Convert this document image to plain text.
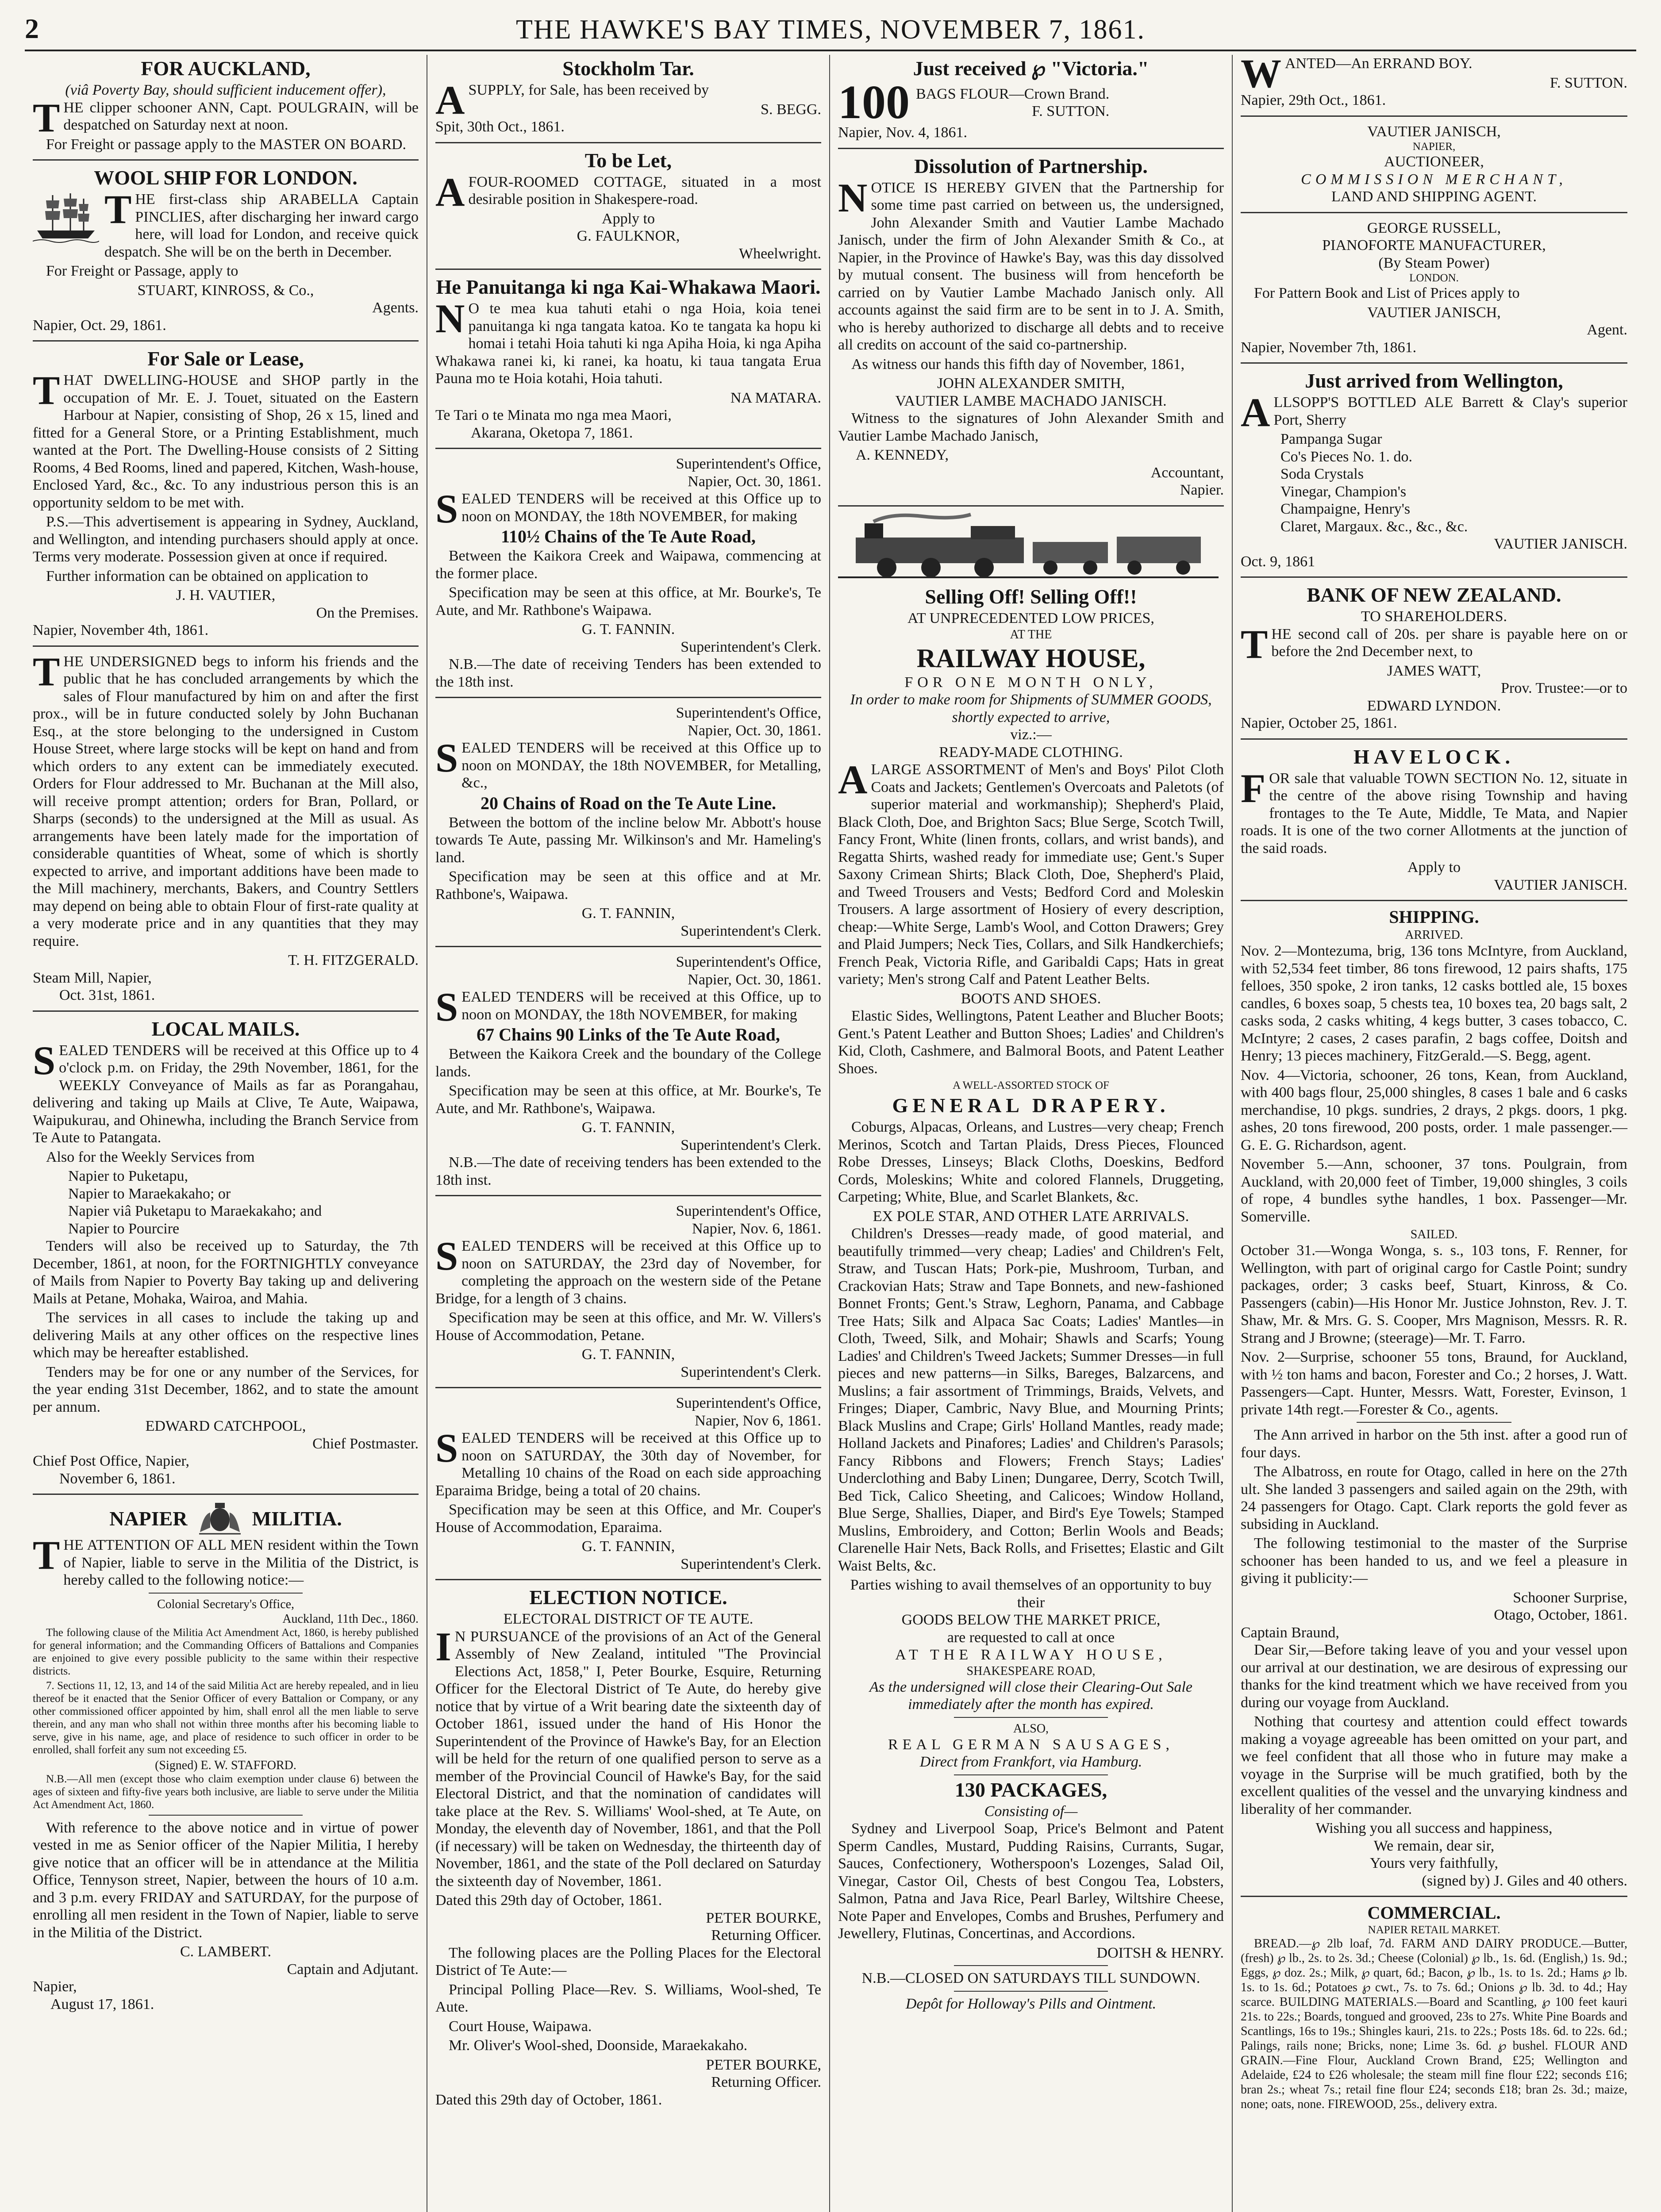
2	THE HAWKE'S BAY TIMES, NOVEMBER 7, 1861.
FOR AUCKLAND,
(viâ Poverty Bay, should sufficient inducement offer),

THE clipper schooner ANN, Capt. POULGRAIN, will be despatched on Saturday next at noon.

For Freight or passage apply to the MASTER ON BOARD.

WOOL SHIP FOR LONDON.

THE first-class ship ARABELLA Captain PINCLIES, after discharging her inward cargo here, will load for London, and receive quick despatch. She will be on the berth in December.

For Freight or Passage, apply to

STUART, KINROSS, & Co.,
Agents.
Napier, Oct. 29, 1861.
For Sale or Lease,

THAT DWELLING-HOUSE and SHOP partly in the occupation of Mr. E. J. Touet, situated on the Eastern Harbour at Napier, consisting of Shop, 26 x 15, lined and fitted for a General Store, or a Printing Establishment, much wanted at the Port. The Dwelling-House consists of 2 Sitting Rooms, 4 Bed Rooms, lined and papered, Kitchen, Wash-house, Enclosed Yard, &c., &c. To any industrious person this is an opportunity seldom to be met with.

P.S.—This advertisement is appearing in Sydney, Auckland, and Wellington, and intending purchasers should apply at once. Terms very moderate. Possession given at once if required.

Further information can be obtained on application to

J. H. VAUTIER,
On the Premises.
Napier, November 4th, 1861.

THE UNDERSIGNED begs to inform his friends and the public that he has concluded arrangements by which the sales of Flour manufactured by him on and after the first prox., will be in future conducted solely by John Buchanan Esq., at the store belonging to the undersigned in Custom House Street, where large stocks will be kept on hand and from which orders to any extent can be immediately executed. Orders for Flour addressed to Mr. Buchanan at the Mill also, will receive prompt attention; orders for Bran, Pollard, or Sharps (seconds) to the undersigned at the Mill as usual. As arrangements have been lately made for the importation of considerable quantities of Wheat, some of which is shortly expected to arrive, and important additions have been made to the Mill machinery, merchants, Bakers, and Country Settlers may depend on being able to obtain Flour of first-rate quality at a very moderate price and in any quantities that they may require.

T. H. FITZGERALD.
Steam Mill, Napier,
Oct. 31st, 1861.
LOCAL MAILS.

SEALED TENDERS will be received at this Office up to 4 o'clock p.m. on Friday, the 29th November, 1861, for the WEEKLY Conveyance of Mails as far as Porangahau, delivering and taking up Mails at Clive, Te Aute, Waipawa, Waipukurau, and Ohinewha, including the Branch Service from Te Aute to Patangata.

Also for the Weekly Services from

Napier to Puketapu,
Napier to Maraekakaho; or
Napier viâ Puketapu to Maraekakaho; and
Napier to Pourcire

Tenders will also be received up to Saturday, the 7th December, 1861, at noon, for the FORTNIGHTLY conveyance of Mails from Napier to Poverty Bay taking up and delivering Mails at Petane, Mohaka, Wairoa, and Mahia.

The services in all cases to include the taking up and delivering Mails at any other offices on the respective lines which may be hereafter established.

Tenders may be for one or any number of the Services, for the year ending 31st December, 1862, and to state the amount per annum.

EDWARD CATCHPOOL,
Chief Postmaster.
Chief Post Office, Napier,
November 6, 1861.
NAPIER	MILITIA.

THE ATTENTION OF ALL MEN resident within the Town of Napier, liable to serve in the Militia of the District, is hereby called to the following notice:—

Colonial Secretary's Office,
Auckland, 11th Dec., 1860.

The following clause of the Militia Act Amendment Act, 1860, is hereby published for general information; and the Commanding Officers of Battalions and Companies are enjoined to give every possible publicity to the same within their respective districts.

7. Sections 11, 12, 13, and 14 of the said Militia Act are hereby repealed, and in lieu thereof be it enacted that the Senior Officer of every Battalion or Company, or any other commissioned officer appointed by him, shall enrol all the men liable to serve therein, and any man who shall not within three months after his becoming liable to serve, give in his name, age, and place of residence to such officer in order to be enrolled, shall forfeit any sum not exceeding £5.

(Signed) E. W. STAFFORD.

N.B.—All men (except those who claim exemption under clause 6) between the ages of sixteen and fifty-five years both inclusive, are liable to serve under the Militia Act Amendment Act, 1860.

With reference to the above notice and in virtue of power vested in me as Senior officer of the Napier Militia, I hereby give notice that an officer will be in attendance at the Militia Office, Tennyson street, Napier, between the hours of 10 a.m. and 3 p.m. every FRIDAY and SATURDAY, for the purpose of enrolling all men resident in the Town of Napier, liable to serve in the Militia of the District.

C. LAMBERT.
Captain and Adjutant.
Napier,
August 17, 1861.
Stockholm Tar.

ASUPPLY, for Sale, has been received by

S. BEGG.
Spit, 30th Oct., 1861.
To be Let,

AFOUR-ROOMED COTTAGE, situated in a most desirable position in Shakespere-road.

Apply to
G. FAULKNOR,
Wheelwright.
He Panuitanga ki nga Kai-Whakawa Maori.

N O te mea kua tahuti etahi o nga Hoia, koia tenei panuitanga ki nga tangata katoa. Ko te tangata ka hopu ki homai i tetahi Hoia tahuti ki nga Apiha Hoia, ki nga Apiha Whakawa ranei ki, ki ranei, ka hoatu, ki taua tangata Erua Pauna mo te Hoia kotahi, Hoia tahuti.

NA MATARA.
Te Tari o te Minata mo nga mea Maori,
Akarana, Oketopa 7, 1861.
Superintendent's Office,
Napier, Oct. 30, 1861.

SEALED TENDERS will be received at this Office up to noon on MONDAY, the 18th NOVEMBER, for making

110½ Chains of the Te Aute Road,

Between the Kaikora Creek and Waipawa, commencing at the former place.

Specification may be seen at this office, at Mr. Bourke's, Te Aute, and Mr. Rathbone's Waipawa.

G. T. FANNIN.
Superintendent's Clerk.

N.B.—The date of receiving Tenders has been extended to the 18th inst.

Superintendent's Office,
Napier, Oct. 30, 1861.

SEALED TENDERS will be received at this Office up to noon on MONDAY, the 18th NOVEMBER, for Metalling, &c.,

20 Chains of Road on the Te Aute Line.

Between the bottom of the incline below Mr. Abbott's house towards Te Aute, passing Mr. Wilkinson's and Mr. Hameling's land.

Specification may be seen at this office and at Mr. Rathbone's, Waipawa.

G. T. FANNIN,
Superintendent's Clerk.
Superintendent's Office,
Napier, Oct. 30, 1861.

SEALED TENDERS will be received at this Office, up to noon on MONDAY, the 18th NOVEMBER, for making

67 Chains 90 Links of the Te Aute Road,

Between the Kaikora Creek and the boundary of the College lands.

Specification may be seen at this office, at Mr. Bourke's, Te Aute, and Mr. Rathbone's, Waipawa.

G. T. FANNIN,
Superintendent's Clerk.

N.B.—The date of receiving tenders has been extended to the 18th inst.

Superintendent's Office,
Napier, Nov. 6, 1861.

SEALED TENDERS will be received at this Office up to noon on SATURDAY, the 23rd day of November, for completing the approach on the western side of the Petane Bridge, for a length of 3 chains.

Specification may be seen at this office, and Mr. W. Villers's House of Accommodation, Petane.

G. T. FANNIN,
Superintendent's Clerk.
Superintendent's Office,
Napier, Nov 6, 1861.

SEALED TENDERS will be received at this Office up to noon on SATURDAY, the 30th day of November, for Metalling 10 chains of the Road on each side approaching Eparaima Bridge, being a total of 20 chains.

Specification may be seen at this Office, and Mr. Couper's House of Accommodation, Eparaima.

G. T. FANNIN,
Superintendent's Clerk.
ELECTION NOTICE.
ELECTORAL DISTRICT OF TE AUTE.

I N PURSUANCE of the provisions of an Act of the General Assembly of New Zealand, intituled "The Provincial Elections Act, 1858," I, Peter Bourke, Esquire, Returning Officer for the Electoral District of Te Aute, do hereby give notice that by virtue of a Writ bearing date the sixteenth day of October 1861, issued under the hand of His Honor the Superintendent of the Province of Hawke's Bay, for an Election will be held for the return of one qualified person to serve as a member of the Provincial Council of Hawke's Bay, for the said Electoral District, and that the nomination of candidates will take place at the Rev. S. Williams' Wool-shed, at Te Aute, on Monday, the eleventh day of November, 1861, and that the Poll (if necessary) will be taken on Wednesday, the thirteenth day of November, 1861, and the state of the Poll declared on Saturday the sixteenth day of November, 1861.

Dated this 29th day of October, 1861.
PETER BOURKE,
Returning Officer.

The following places are the Polling Places for the Electoral District of Te Aute:—

Principal Polling Place—Rev. S. Williams, Wool-shed, Te Aute.

Court House, Waipawa.

Mr. Oliver's Wool-shed, Doonside, Maraekakaho.

PETER BOURKE,
Returning Officer.
Dated this 29th day of October, 1861.
Just received ℘ "Victoria."
100 BAGS FLOUR—Crown Brand.
F. SUTTON.
Napier, Nov. 4, 1861.
Dissolution of Partnership.

NOTICE IS HEREBY GIVEN that the Partnership for some time past carried on between us, the undersigned, John Alexander Smith and Vautier Lambe Machado Janisch, under the firm of John Alexander Smith & Co., at Napier, in the Province of Hawke's Bay, was this day dissolved by mutual consent. The business will from henceforth be carried on by Vautier Lambe Machado Janisch only. All accounts against the said firm are to be sent in to J. A. Smith, who is hereby authorized to discharge all debts and to receive all credits on account of the said co-partnership.

As witness our hands this fifth day of November, 1861,

JOHN ALEXANDER SMITH,
VAUTIER LAMBE MACHADO JANISCH.

Witness to the signatures of John Alexander Smith and Vautier Lambe Machado Janisch,

A. KENNEDY,
Accountant,
Napier.
Selling Off! Selling Off!!
AT UNPRECEDENTED LOW PRICES,
AT THE
RAILWAY HOUSE,
FOR ONE MONTH ONLY,
In order to make room for Shipments of SUMMER GOODS, shortly expected to arrive,
viz.:—
READY-MADE CLOTHING.

ALARGE ASSORTMENT of Men's and Boys' Pilot Cloth Coats and Jackets; Gentlemen's Overcoats and Paletots (of superior material and workmanship); Shepherd's Plaid, Black Cloth, Doe, and Brighton Sacs; Blue Serge, Scotch Twill, Fancy Front, White (linen fronts, collars, and wrist bands), and Regatta Shirts, washed ready for immediate use; Gent.'s Super Saxony Crimean Shirts; Black Cloth, Doe, Shepherd's Plaid, and Tweed Trousers and Vests; Bedford Cord and Moleskin Trousers. A large assortment of Hosiery of every description, cheap:—White Serge, Lamb's Wool, and Cotton Drawers; Grey and Plaid Jumpers; Neck Ties, Collars, and Silk Handkerchiefs; French Peak, Victoria Rifle, and Garibaldi Caps; Hats in great variety; Men's strong Calf and Patent Leather Belts.

BOOTS AND SHOES.

Elastic Sides, Wellingtons, Patent Leather and Blucher Boots; Gent.'s Patent Leather and Button Shoes; Ladies' and Children's Kid, Cloth, Cashmere, and Balmoral Boots, and Patent Leather Shoes.

A WELL-ASSORTED STOCK OF
GENERAL DRAPERY.

Coburgs, Alpacas, Orleans, and Lustres—very cheap; French Merinos, Scotch and Tartan Plaids, Dress Pieces, Flounced Robe Dresses, Linseys; Black Cloths, Doeskins, Bedford Cords, Moleskins; White and colored Flannels, Druggeting, Carpeting; White, Blue, and Scarlet Blankets, &c.

EX POLE STAR, AND OTHER LATE ARRIVALS.

Children's Dresses—ready made, of good material, and beautifully trimmed—very cheap; Ladies' and Children's Felt, Straw, and Tuscan Hats; Pork-pie, Mushroom, Turban, and Crackovian Hats; Straw and Tape Bonnets, and new-fashioned Bonnet Fronts; Gent.'s Straw, Leghorn, Panama, and Cabbage Tree Hats; Silk and Alpaca Sac Coats; Ladies' Mantles—in Cloth, Tweed, Silk, and Mohair; Shawls and Scarfs; Young Ladies' and Children's Tweed Jackets; Summer Dresses—in full pieces and new patterns—in Silks, Bareges, Balzarcens, and Muslins; a fair assortment of Trimmings, Braids, Velvets, and Fringes; Diaper, Cambric, Navy Blue, and Mourning Prints; Black Muslins and Crape; Girls' Holland Mantles, ready made; Holland Jackets and Pinafores; Ladies' and Children's Parasols; Fancy Ribbons and Flowers; French Stays; Ladies' Underclothing and Baby Linen; Dungaree, Derry, Scotch Twill, Bed Tick, Calico Sheeting, and Calicoes; Window Holland, Blue Serge, Shallies, Diaper, and Bird's Eye Towels; Stamped Muslins, Embroidery, and Cotton; Berlin Wools and Beads; Clarenelle Hair Nets, Back Rolls, and Frisettes; Elastic and Gilt Waist Belts, &c.

Parties wishing to avail themselves of an opportunity to buy their
GOODS BELOW THE MARKET PRICE,
are requested to call at once
AT THE RAILWAY HOUSE,
SHAKESPEARE ROAD,
As the undersigned will close their Clearing-Out Sale immediately after the month has expired.
ALSO,
REAL GERMAN SAUSAGES,
Direct from Frankfort, via Hamburg.
130 PACKAGES,
Consisting of—

Sydney and Liverpool Soap, Price's Belmont and Patent Sperm Candles, Mustard, Pudding Raisins, Currants, Sugar, Sauces, Confectionery, Wotherspoon's Lozenges, Salad Oil, Vinegar, Castor Oil, Chests of best Congou Tea, Lobsters, Salmon, Patna and Java Rice, Pearl Barley, Wiltshire Cheese, Note Paper and Envelopes, Combs and Brushes, Perfumery and Jewellery, Flutinas, Concertinas, and Accordions.

DOITSH & HENRY.
N.B.—CLOSED ON SATURDAYS TILL SUNDOWN.
Depôt for Holloway's Pills and Ointment.

WANTED—An ERRAND BOY.

F. SUTTON.
Napier, 29th Oct., 1861.
VAUTIER JANISCH,
NAPIER,
AUCTIONEER,
COMMISSION MERCHANT,
LAND AND SHIPPING AGENT.
GEORGE RUSSELL,
PIANOFORTE MANUFACTURER,
(By Steam Power)
LONDON.

For Pattern Book and List of Prices apply to

VAUTIER JANISCH,
Agent.
Napier, November 7th, 1861.
Just arrived from Wellington,

ALLSOPP'S BOTTLED ALE Barrett & Clay's superior Port, Sherry

Pampanga Sugar
Co's Pieces No. 1. do.
Soda Crystals
Vinegar, Champion's
Champaigne, Henry's
Claret, Margaux. &c., &c., &c.
VAUTIER JANISCH.
Oct. 9, 1861
BANK OF NEW ZEALAND.
TO SHAREHOLDERS.

THE second call of 20s. per share is payable here on or before the 2nd December next, to

JAMES WATT,
Prov. Trustee:—or to
EDWARD LYNDON.
Napier, October 25, 1861.
HAVELOCK.

FOR sale that valuable TOWN SECTION No. 12, situate in the centre of the above rising Township and having frontages to the Te Aute, Middle, Te Mata, and Napier roads. It is one of the two corner Allotments at the junction of the said roads.

Apply to
VAUTIER JANISCH.
SHIPPING.
ARRIVED.

Nov. 2—Montezuma, brig, 136 tons McIntyre, from Auckland, with 52,534 feet timber, 86 tons firewood, 12 pairs shafts, 175 felloes, 350 spoke, 2 iron tanks, 12 casks bottled ale, 15 boxes candles, 6 boxes soap, 5 chests tea, 10 boxes tea, 20 bags salt, 2 casks soda, 2 casks whiting, 4 kegs butter, 3 cases tobacco, C. McIntyre; 2 cases, 2 cases parafin, 2 bags coffee, Doitsh and Henry; 13 pieces machinery, FitzGerald.—S. Begg, agent.

Nov. 4—Victoria, schooner, 26 tons, Kean, from Auckland, with 400 bags flour, 25,000 shingles, 8 cases 1 bale and 6 casks merchandise, 10 pkgs. sundries, 2 drays, 2 pkgs. doors, 1 pkg. ashes, 20 tons firewood, 200 posts, order. 1 male passenger.—G. E. G. Richardson, agent.

November 5.—Ann, schooner, 37 tons. Poulgrain, from Auckland, with 20,000 feet of Timber, 19,000 shingles, 3 coils of rope, 4 bundles sythe handles, 1 box. Passenger—Mr. Somerville.

SAILED.

October 31.—Wonga Wonga, s. s., 103 tons, F. Renner, for Wellington, with part of original cargo for Castle Point; sundry packages, order; 3 casks beef, Stuart, Kinross, & Co. Passengers (cabin)—His Honor Mr. Justice Johnston, Rev. J. T. Shaw, Mr. & Mrs. G. S. Cooper, Mrs Magnison, Messrs. R. R. Strang and J Browne; (steerage)—Mr. T. Farro.

Nov. 2—Surprise, schooner 55 tons, Braund, for Auckland, with ½ ton hams and bacon, Forester and Co.; 2 horses, J. Watt. Passengers—Capt. Hunter, Messrs. Watt, Forester, Evinson, 1 private 14th regt.—Forester & Co., agents.

The Ann arrived in harbor on the 5th inst. after a good run of four days.

The Albatross, en route for Otago, called in here on the 27th ult. She landed 3 passengers and sailed again on the 29th, with 24 passengers for Otago. Capt. Clark reports the gold fever as subsiding in Auckland.

The following testimonial to the master of the Surprise schooner has been handed to us, and we feel a pleasure in giving it publicity:—

Schooner Surprise,
Otago, October, 1861.
Captain Braund,

Dear Sir,—Before taking leave of you and your vessel upon our arrival at our destination, we are desirous of expressing our thanks for the kind treatment which we have received from you during our voyage from Auckland.

Nothing that courtesy and attention could effect towards making a voyage agreeable has been omitted on your part, and we feel confident that all those who in future may make a voyage in the Surprise will be much gratified, both by the excellent qualities of the vessel and the unvarying kindness and liberality of her commander.

Wishing you all success and happiness,
We remain, dear sir,
Yours very faithfully,
(signed by) J. Giles and 40 others.
COMMERCIAL.
NAPIER RETAIL MARKET.

BREAD.—℘ 2lb loaf, 7d. FARM AND DAIRY PRODUCE.—Butter, (fresh) ℘ lb., 2s. to 2s. 3d.; Cheese (Colonial) ℘ lb., 1s. 6d. (English,) 1s. 9d.; Eggs, ℘ doz. 2s.; Milk, ℘ quart, 6d.; Bacon, ℘ lb., 1s. to 1s. 2d.; Hams ℘ lb. 1s. to 1s. 6d.; Potatoes ℘ cwt., 7s. to 7s. 6d.; Onions ℘ lb. 3d. to 4d.; Hay scarce. BUILDING MATERIALS.—Board and Scantling, ℘ 100 feet kauri 21s. to 22s.; Boards, tongued and grooved, 23s to 27s. White Pine Boards and Scantlings, 16s to 19s.; Shingles kauri, 21s. to 22s.; Posts 18s. 6d. to 22s. 6d.; Palings, rails none; Bricks, none; Lime 3s. 6d. ℘ bushel. FLOUR AND GRAIN.—Fine Flour, Auckland Crown Brand, £25; Wellington and Adelaide, £24 to £26 wholesale; the steam mill fine flour £22; seconds £16; bran 2s.; wheat 7s.; retail fine flour £24; seconds £18; bran 2s. 3d.; maize, none; oats, none. FIREWOOD, 25s., delivery extra.
